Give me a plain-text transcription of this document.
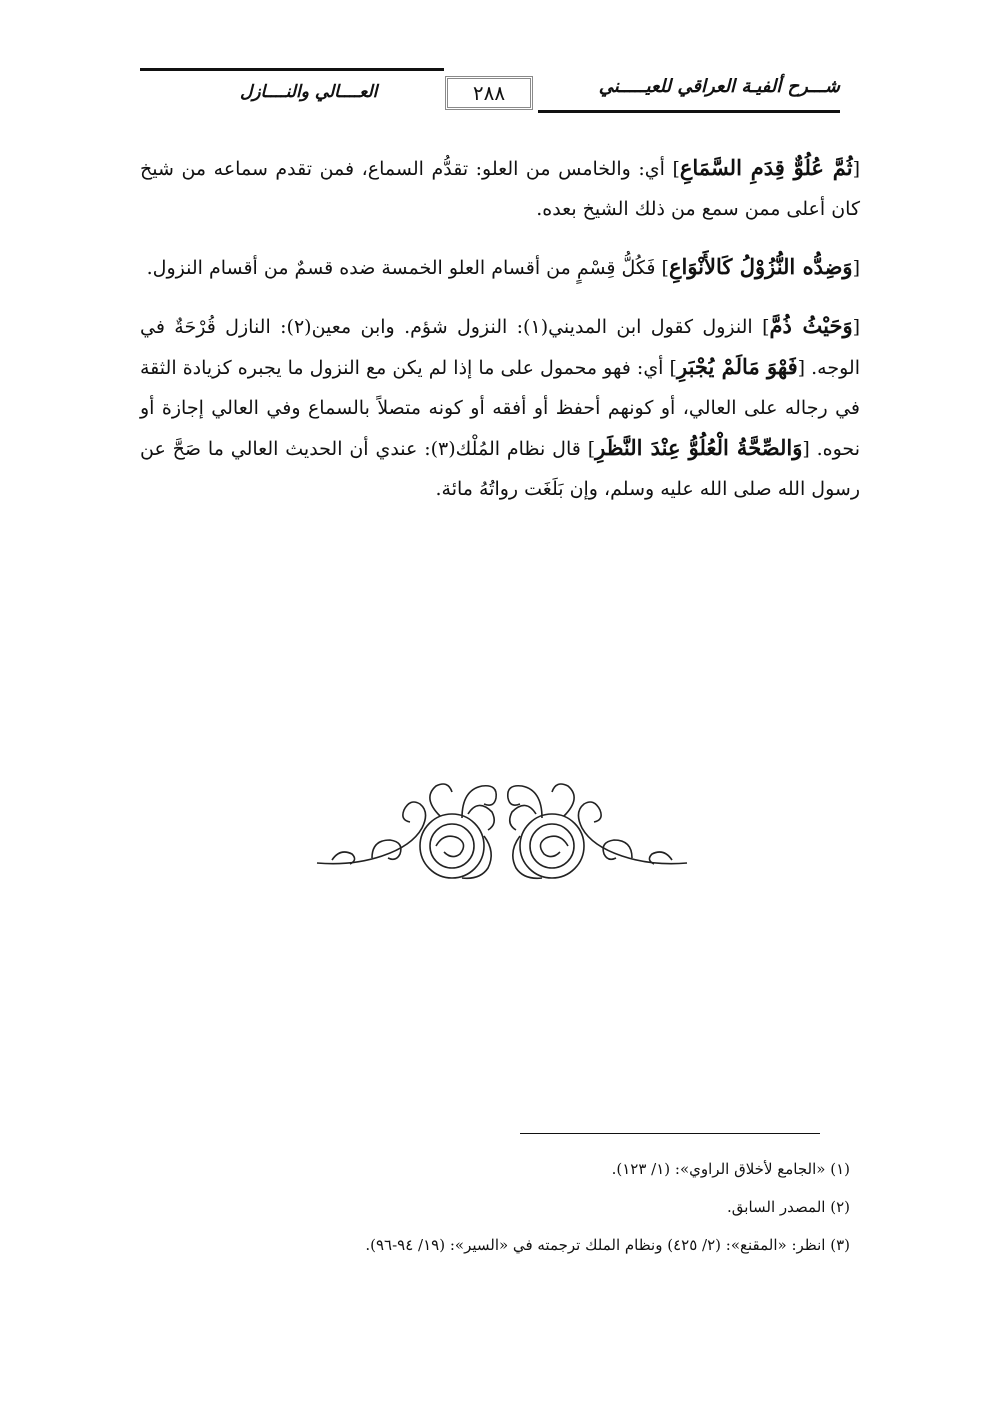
العــــالي والنــــازل	٢٨٨	شـــرح ألفيـة العراقي للعيـــــني

[ثُمَّ عُلُوٌّ قِدَمِ السَّمَاعِ] أي: والخامس من العلو: تقدُّم السماع، فمن تقدم سماعه من شيخ كان أعلى ممن سمع من ذلك الشيخ بعده.

[وَضِدُّه النُّزُوْلُ كَالأَنْوَاعِ] فَكُلُّ قِسْمٍ من أقسام العلو الخمسة ضده قسمٌ من أقسام النزول.

[وَحَيْثُ ذُمَّ] النزول كقول ابن المديني(١): النزول شؤم. وابن معين(٢): النازل قُرْحَةٌ في الوجه. [فَهْوَ مَالَمْ يُجْبَرِ] أي: فهو محمول على ما إذا لم يكن مع النزول ما يجبره كزيادة الثقة في رجاله على العالي، أو كونهم أحفظ أو أفقه أو كونه متصلاً بالسماع وفي العالي إجازة أو نحوه. [وَالصِّحَّةُ الْعُلُوُّ عِنْدَ النَّظَرِ] قال نظام المُلْك(٣): عندي أن الحديث العالي ما صَحَّ عن رسول الله صلى الله عليه وسلم، وإن بَلَغَت رواتُهُ مائة.

(١) «الجامع لأخلاق الراوي»: (١/ ١٢٣).
(٢) المصدر السابق.
(٣) انظر: «المقنع»: (٢/ ٤٢٥) ونظام الملك ترجمته في «السير»: (١٩/ ٩٤-٩٦).
